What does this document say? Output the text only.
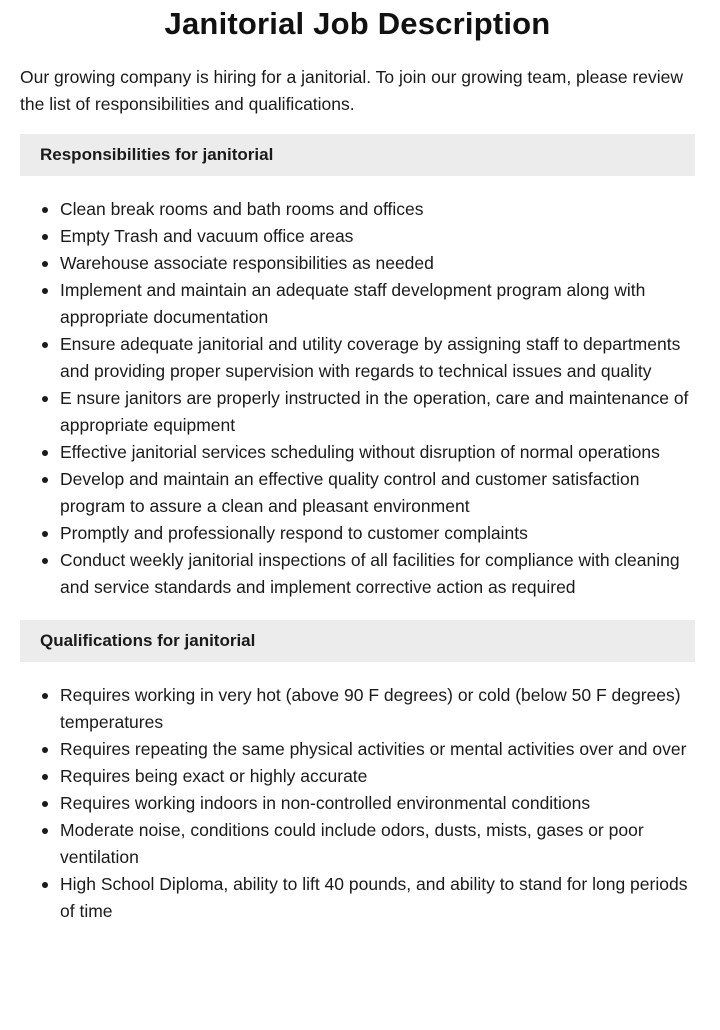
Janitorial Job Description

Our growing company is hiring for a janitorial. To join our growing team, please review the list of responsibilities and qualifications.

Responsibilities for janitorial
Clean break rooms and bath rooms and offices
Empty Trash and vacuum office areas
Warehouse associate responsibilities as needed
Implement and maintain an adequate staff development program along with appropriate documentation
Ensure adequate janitorial and utility coverage by assigning staff to departments and providing proper supervision with regards to technical issues and quality
E nsure janitors are properly instructed in the operation, care and maintenance of appropriate equipment
Effective janitorial services scheduling without disruption of normal operations
Develop and maintain an effective quality control and customer satisfaction program to assure a clean and pleasant environment
Promptly and professionally respond to customer complaints
Conduct weekly janitorial inspections of all facilities for compliance with cleaning and service standards and implement corrective action as required
Qualifications for janitorial
Requires working in very hot (above 90 F degrees) or cold (below 50 F degrees) temperatures
Requires repeating the same physical activities or mental activities over and over
Requires being exact or highly accurate
Requires working indoors in non-controlled environmental conditions
Moderate noise, conditions could include odors, dusts, mists, gases or poor ventilation
High School Diploma, ability to lift 40 pounds, and ability to stand for long periods of time
